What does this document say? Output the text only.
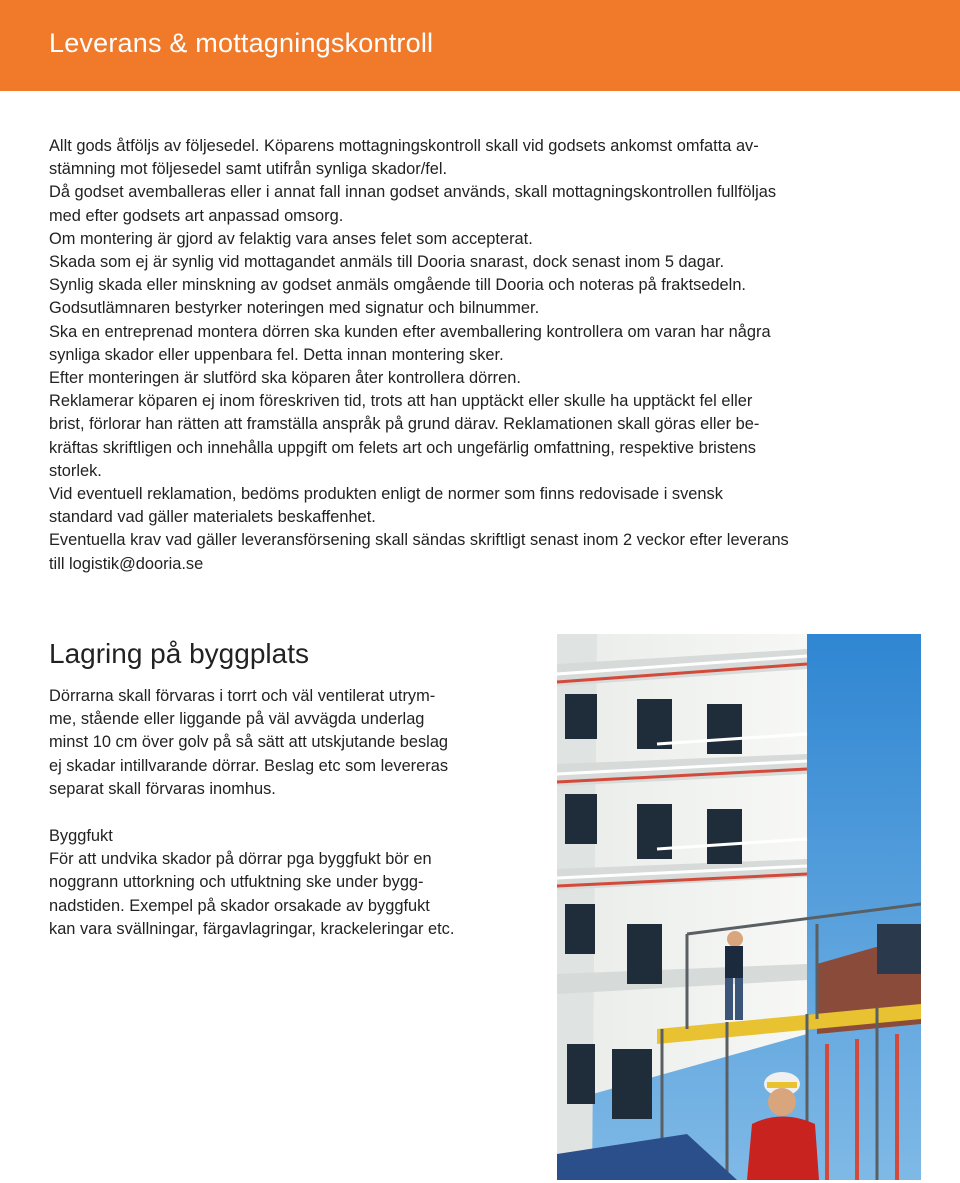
Leverans & mottagningskontroll

Allt gods åtföljs av följesedel. Köparens mottagningskontroll skall vid godsets ankomst omfatta av-

stämning mot följesedel samt utifrån synliga skador/fel.

Då godset avemballeras eller i annat fall innan godset används, skall mottagningskontrollen fullföljas

med efter godsets art anpassad omsorg.

Om montering är gjord av felaktig vara anses felet som accepterat.

Skada som ej är synlig vid mottagandet anmäls till Dooria snarast, dock senast inom 5 dagar.

Synlig skada eller minskning av godset anmäls omgående till Dooria och noteras på fraktsedeln.

Godsutlämnaren bestyrker noteringen med signatur och bilnummer.

Ska en entreprenad montera dörren ska kunden efter avemballering kontrollera om varan har några

synliga skador eller uppenbara fel. Detta innan montering sker.

Efter monteringen är slutförd ska köparen åter kontrollera dörren.

Reklamerar köparen ej inom föreskriven tid, trots att han upptäckt eller skulle ha upptäckt fel eller

brist, förlorar han rätten att framställa anspråk på grund därav. Reklamationen skall göras eller be-

kräftas skriftligen och innehålla uppgift om felets art och ungefärlig omfattning, respektive bristens

storlek.

Vid eventuell reklamation, bedöms produkten enligt de normer som finns redovisade i svensk

standard vad gäller materialets beskaffenhet.

Eventuella krav vad gäller leveransförsening skall sändas skriftligt senast inom 2 veckor efter leverans

till logistik@dooria.se

Lagring på byggplats

Dörrarna skall förvaras i torrt och väl ventilerat utrym-

me, stående eller liggande på väl avvägda underlag

minst 10 cm över golv på så sätt att utskjutande beslag

ej skadar intillvarande dörrar. Beslag etc som levereras

separat skall förvaras inomhus.

Byggfukt

För att undvika skador på dörrar pga byggfukt bör en

noggrann uttorkning och utfuktning ske under bygg-

nadstiden. Exempel på skador orsakade av byggfukt

kan vara svällningar, färgavlagringar, krackeleringar etc.
